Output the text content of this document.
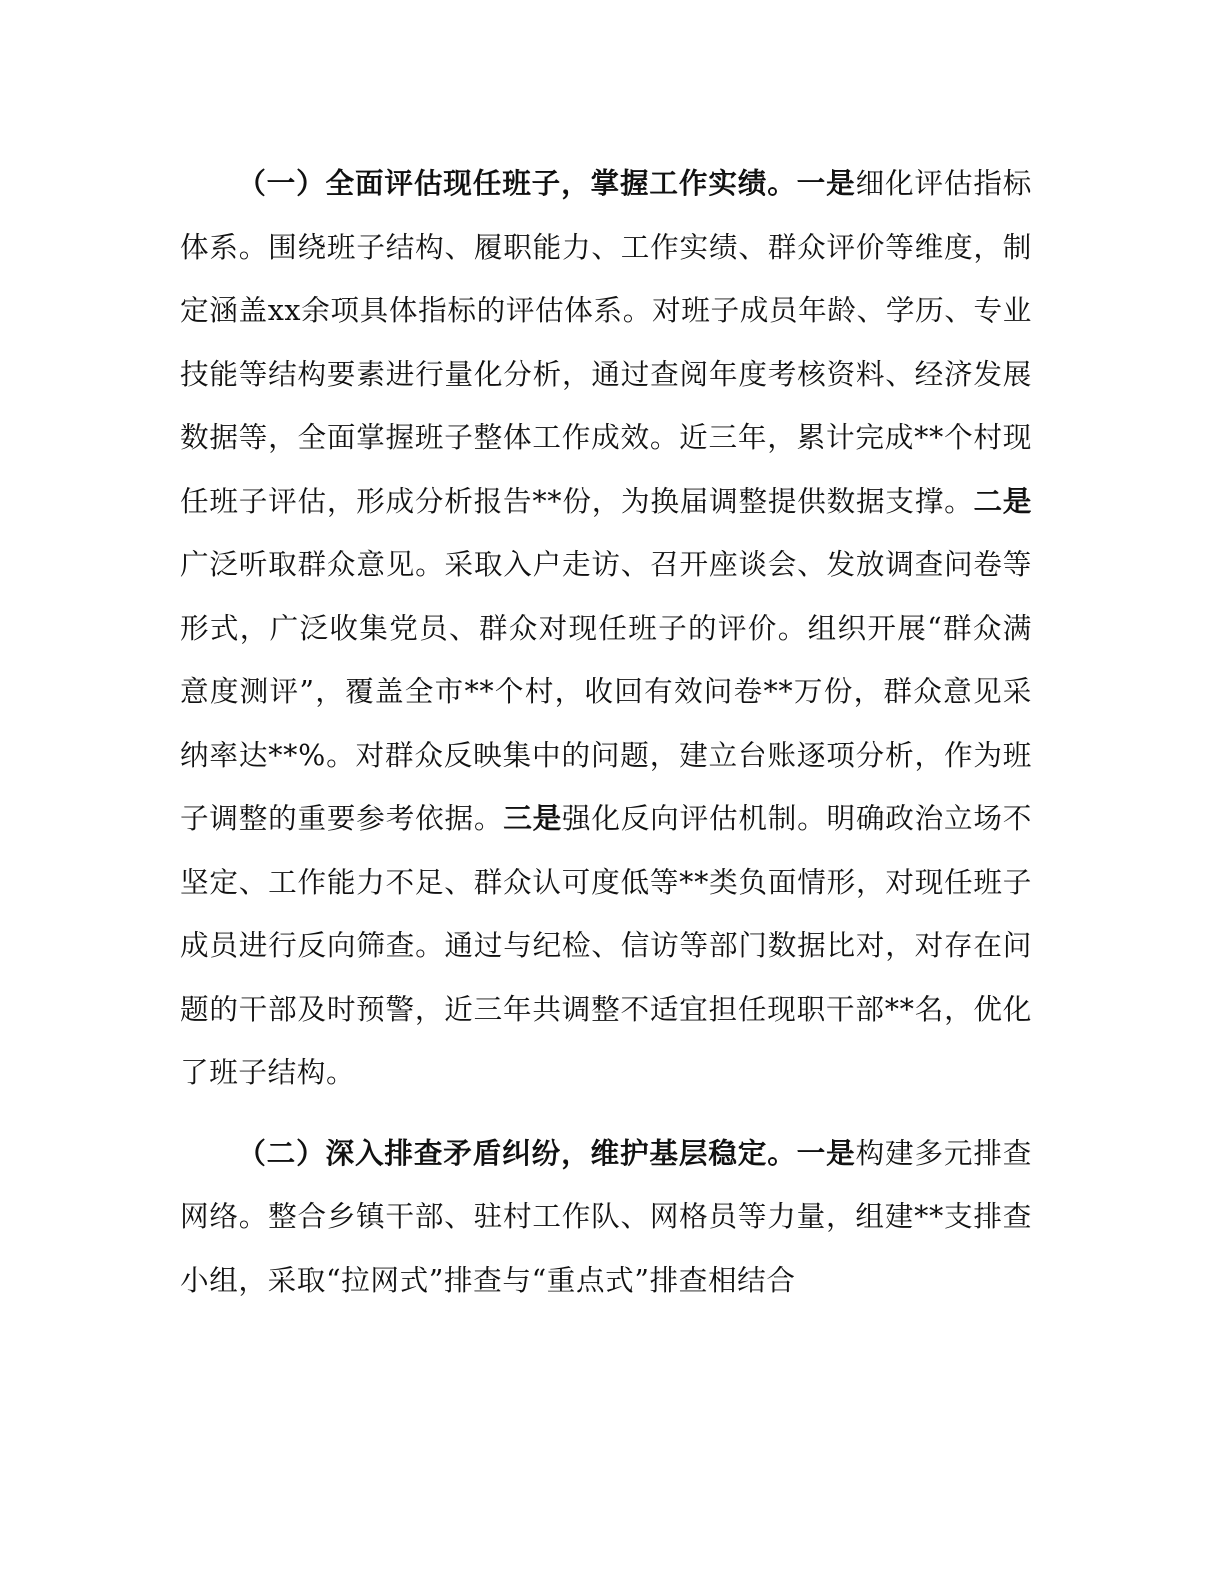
（一）全面评估现任班子，掌握工作实绩。一是细化评估指标体系。围绕班子结构、履职能力、工作实绩、群众评价等维度，制定涵盖xx余项具体指标的评估体系。对班子成员年龄、学历、专业技能等结构要素进行量化分析，通过查阅年度考核资料、经济发展数据等，全面掌握班子整体工作成效。近三年，累计完成**个村现任班子评估，形成分析报告**份，为换届调整提供数据支撑。二是广泛听取群众意见。采取入户走访、召开座谈会、发放调查问卷等形式，广泛收集党员、群众对现任班子的评价。组织开展“群众满意度测评”，覆盖全市**个村，收回有效问卷**万份，群众意见采纳率达**%。对群众反映集中的问题，建立台账逐项分析，作为班子调整的重要参考依据。三是强化反向评估机制。明确政治立场不坚定、工作能力不足、群众认可度低等**类负面情形，对现任班子成员进行反向筛查。通过与纪检、信访等部门数据比对，对存在问题的干部及时预警，近三年共调整不适宜担任现职干部**名，优化了班子结构。

（二）深入排查矛盾纠纷，维护基层稳定。一是构建多元排查网络。整合乡镇干部、驻村工作队、网格员等力量，组建**支排查小组，采取“拉网式”排查与“重点式”排查相结合
